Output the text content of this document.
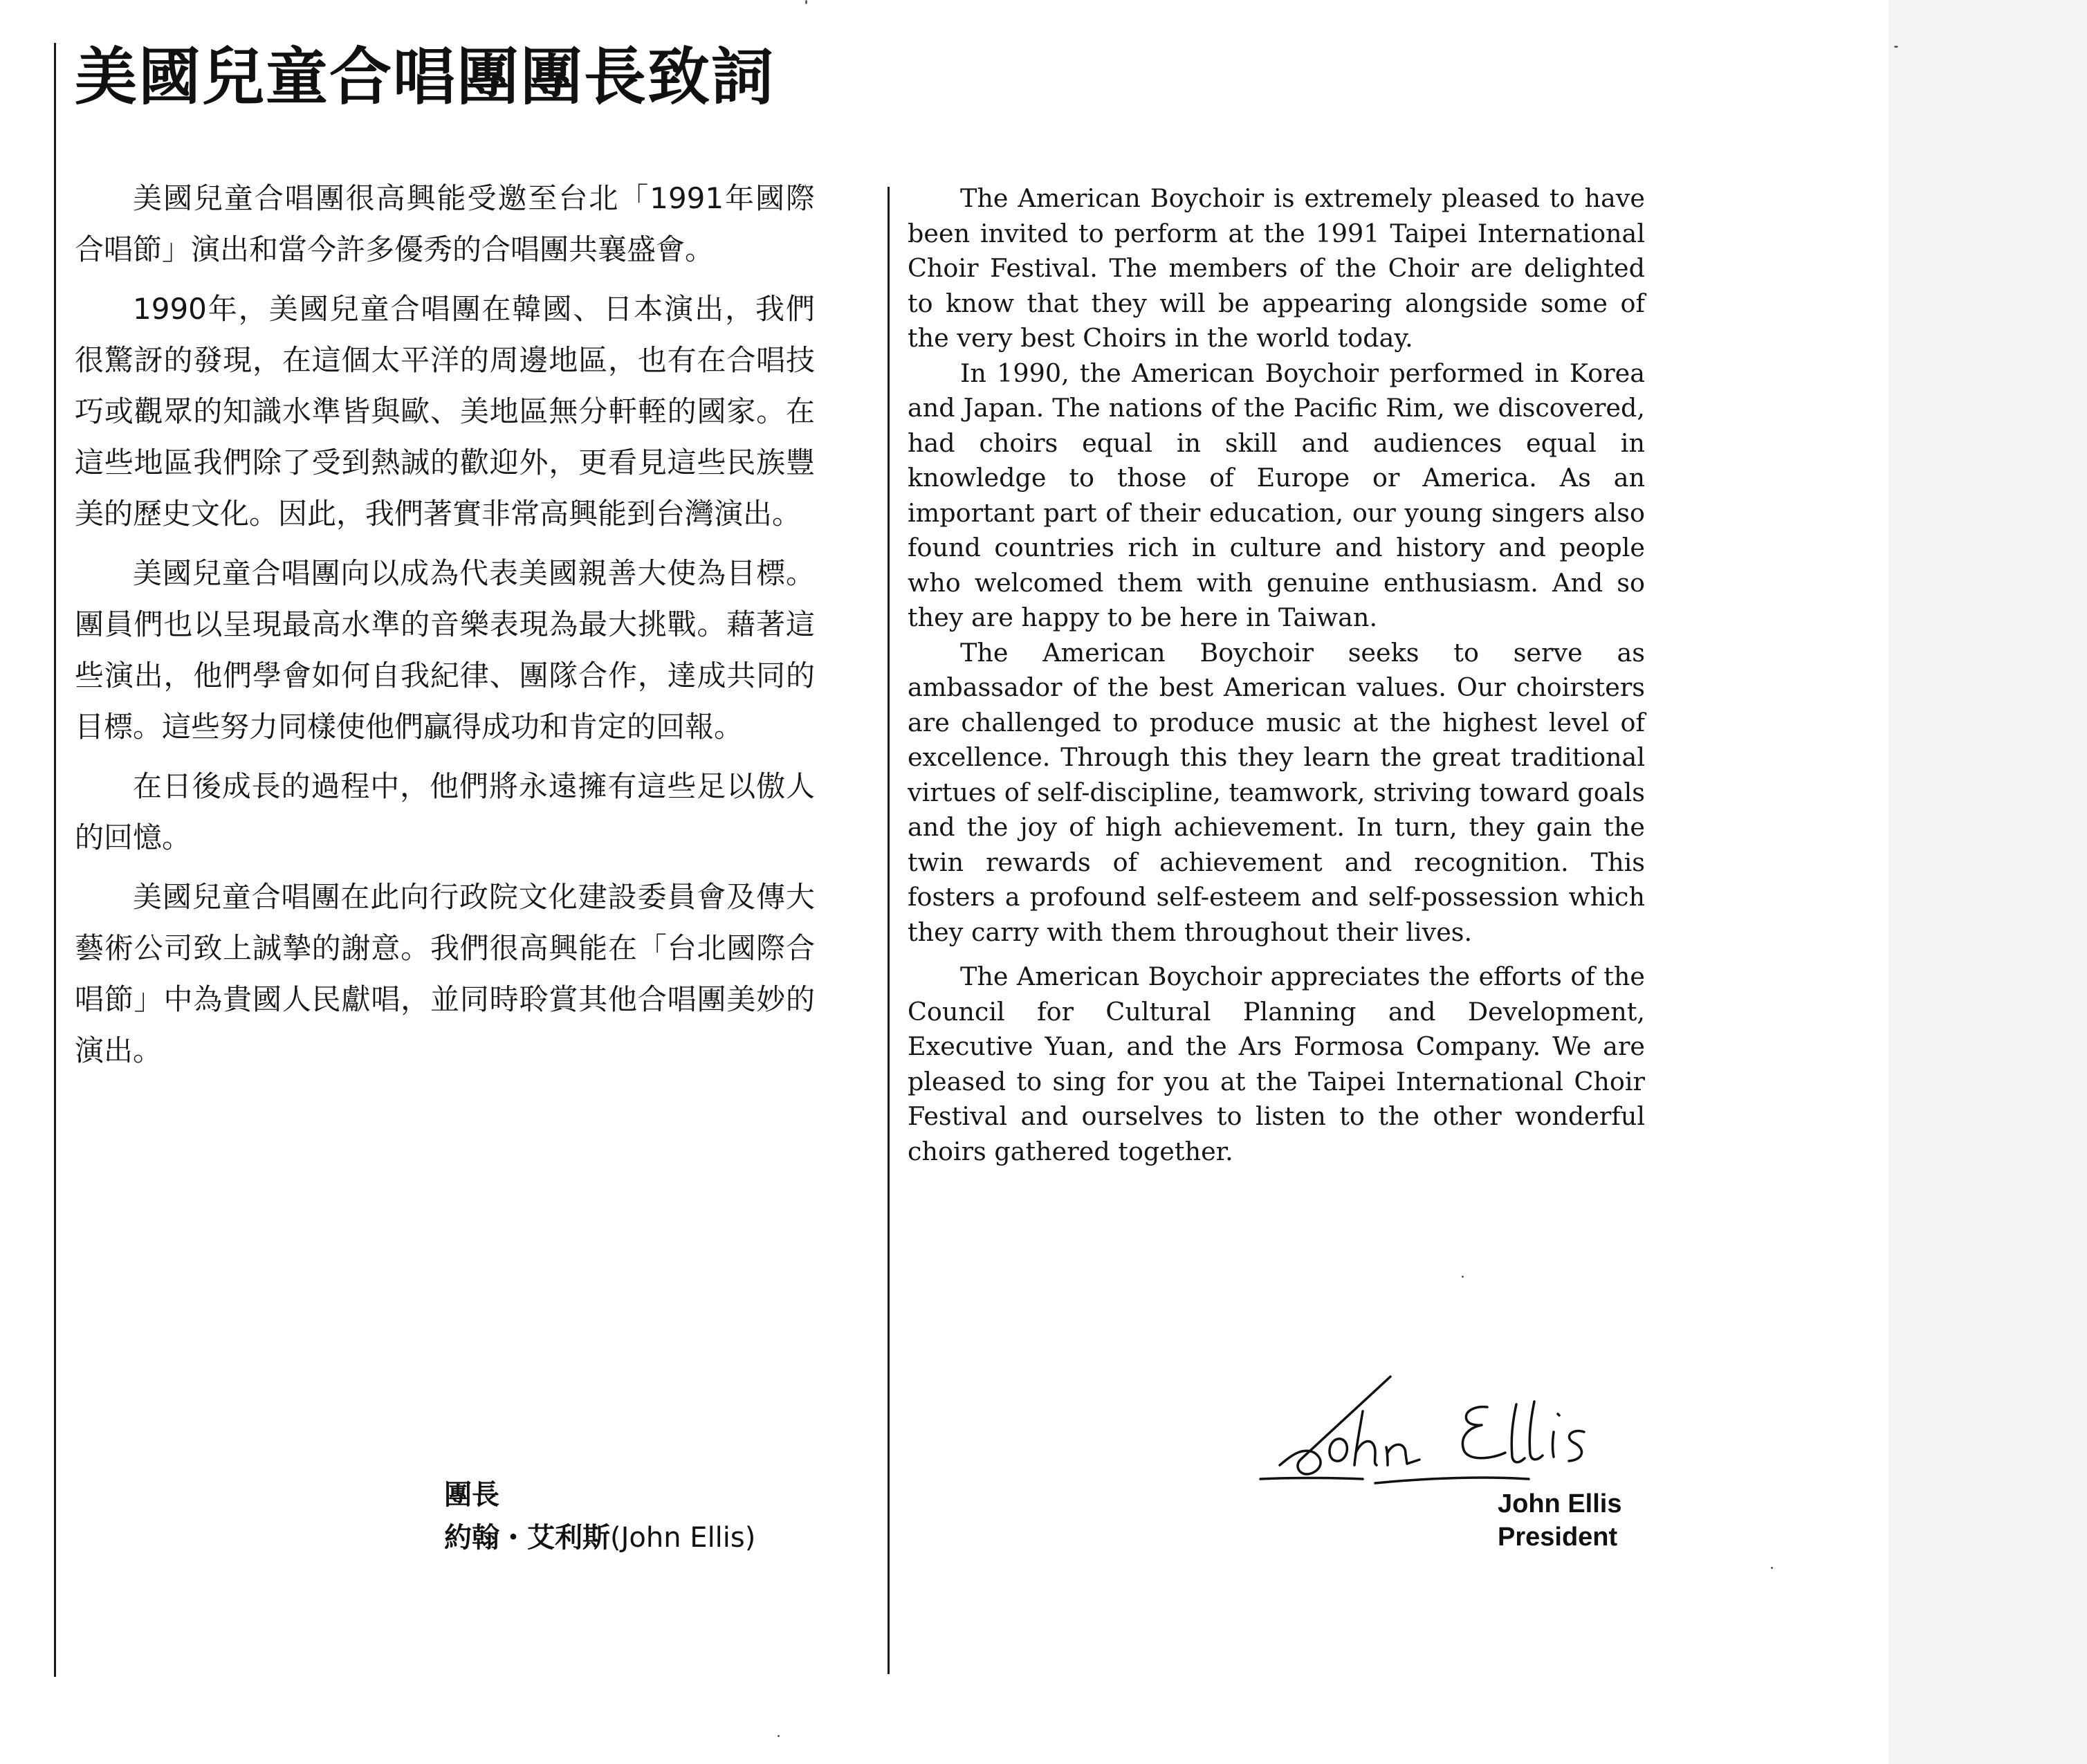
美國兒童合唱團團長致詞

美國兒童合唱團很高興能受邀至台北「1991年國際合唱節」演出和當今許多優秀的合唱團共襄盛會。

1990年，美國兒童合唱團在韓國、日本演出，我們很驚訝的發現，在這個太平洋的周邊地區，也有在合唱技巧或觀眾的知識水準皆與歐、美地區無分軒輊的國家。在這些地區我們除了受到熱誠的歡迎外，更看見這些民族豐美的歷史文化。因此，我們著實非常高興能到台灣演出。

美國兒童合唱團向以成為代表美國親善大使為目標。團員們也以呈現最高水準的音樂表現為最大挑戰。藉著這些演出，他們學會如何自我紀律、團隊合作，達成共同的目標。這些努力同樣使他們贏得成功和肯定的回報。

在日後成長的過程中，他們將永遠擁有這些足以傲人的回憶。

美國兒童合唱團在此向行政院文化建設委員會及傳大藝術公司致上誠摯的謝意。我們很高興能在「台北國際合唱節」中為貴國人民獻唱，並同時聆賞其他合唱團美妙的演出。

The American Boychoir is extremely pleased to have been invited to perform at the 1991 Taipei International Choir Festival. The members of the Choir are delighted to know that they will be appearing alongside some of the very best Choirs in the world today.

In 1990, the American Boychoir performed in Korea and Japan. The nations of the Pacific Rim, we discovered, had choirs equal in skill and audiences equal in knowledge to those of Europe or America. As an important part of their education, our young singers also found countries rich in culture and history and people who welcomed them with genuine enthusiasm. And so they are happy to be here in Taiwan.

The American Boychoir seeks to serve as ambassador of the best American values. Our choirsters are challenged to produce music at the highest level of excellence. Through this they learn the great traditional virtues of self-discipline, teamwork, striving toward goals and the joy of high achievement. In turn, they gain the twin rewards of achievement and recognition. This fosters a profound self-esteem and self-possession which they carry with them throughout their lives.

The American Boychoir appreciates the efforts of the Council for Cultural Planning and Development, Executive Yuan, and the Ars Formosa Company. We are pleased to sing for you at the Taipei International Choir Festival and ourselves to listen to the other wonderful choirs gathered together.

團長
約翰・艾利斯(John Ellis)
John Ellis
President
